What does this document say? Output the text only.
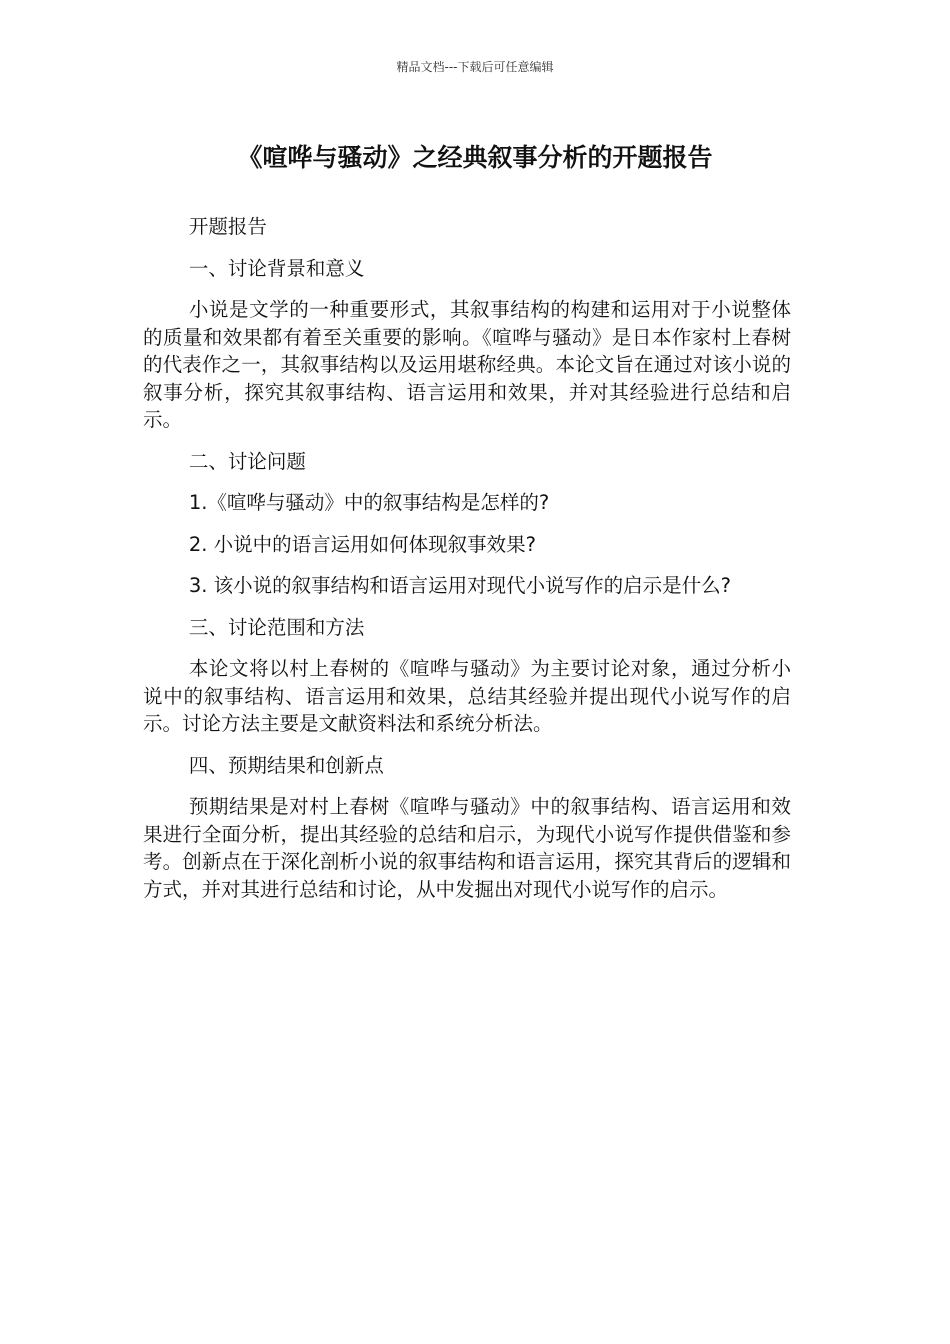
精品文档---下载后可任意编辑
《喧哗与骚动》之经典叙事分析的开题报告

开题报告

一、讨论背景和意义

小说是文学的一种重要形式，其叙事结构的构建和运用对于小说整体的质量和效果都有着至关重要的影响。《喧哗与骚动》是日本作家村上春树的代表作之一，其叙事结构以及运用堪称经典。本论文旨在通过对该小说的叙事分析，探究其叙事结构、语言运用和效果，并对其经验进行总结和启示。

二、讨论问题

1.《喧哗与骚动》中的叙事结构是怎样的?

2. 小说中的语言运用如何体现叙事效果?

3. 该小说的叙事结构和语言运用对现代小说写作的启示是什么?

三、讨论范围和方法

本论文将以村上春树的《喧哗与骚动》为主要讨论对象，通过分析小说中的叙事结构、语言运用和效果，总结其经验并提出现代小说写作的启示。讨论方法主要是文献资料法和系统分析法。

四、预期结果和创新点

预期结果是对村上春树《喧哗与骚动》中的叙事结构、语言运用和效果进行全面分析，提出其经验的总结和启示，为现代小说写作提供借鉴和参考。创新点在于深化剖析小说的叙事结构和语言运用，探究其背后的逻辑和方式，并对其进行总结和讨论，从中发掘出对现代小说写作的启示。
